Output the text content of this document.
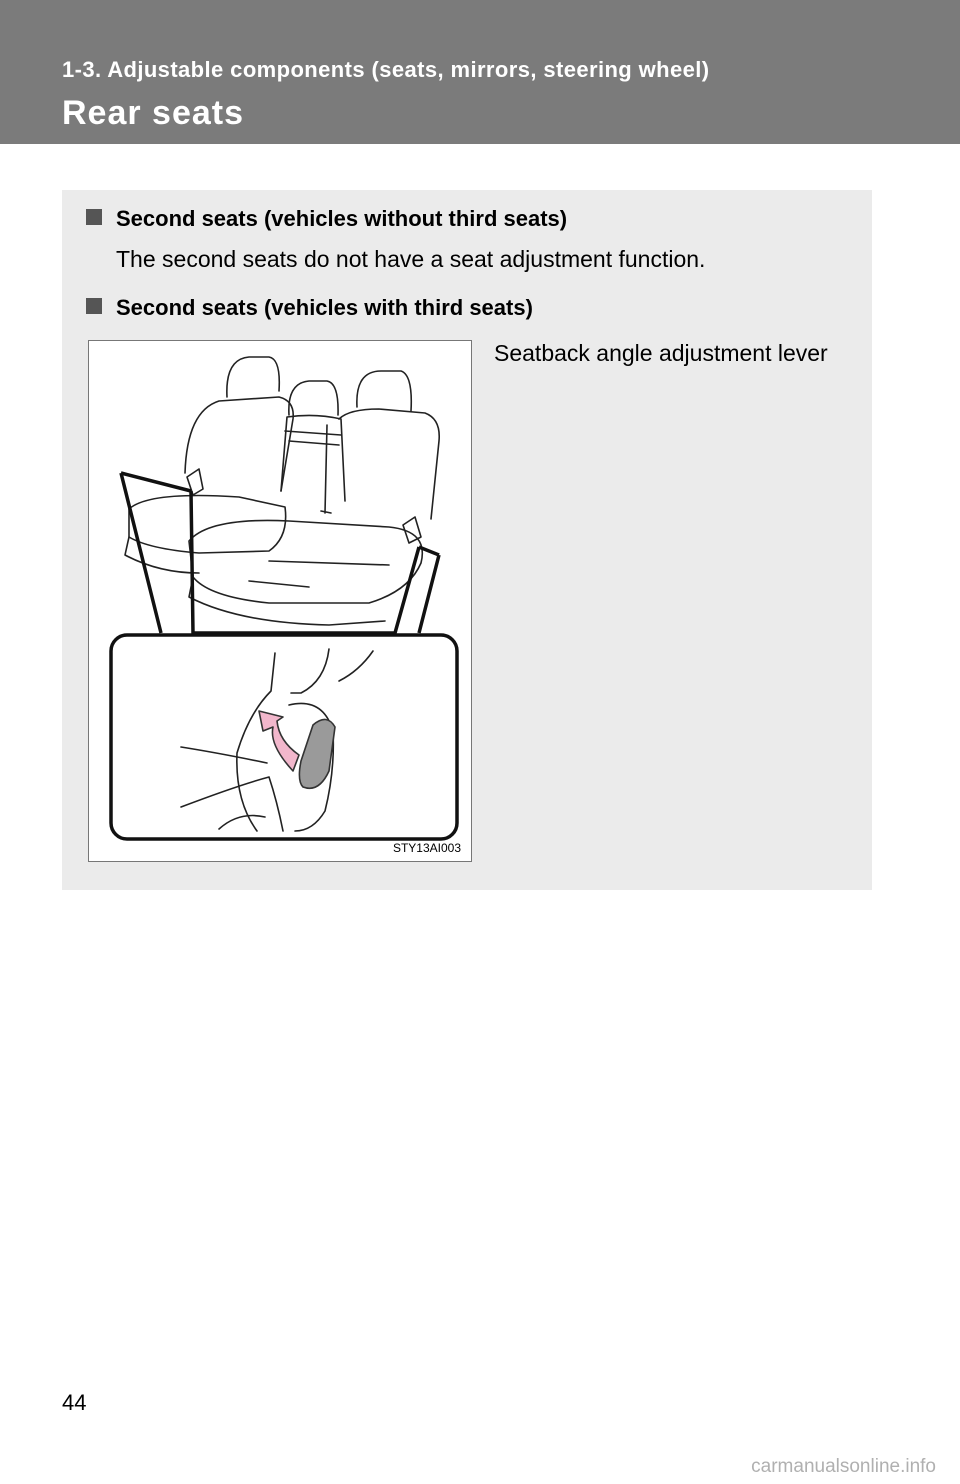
1-3. Adjustable components (seats, mirrors, steering wheel)
Rear seats
Second seats (vehicles without third seats)
The second seats do not have a seat adjustment function.
Second seats (vehicles with third seats)
STY13AI003
Seatback angle adjustment lever
44
carmanualsonline.info
